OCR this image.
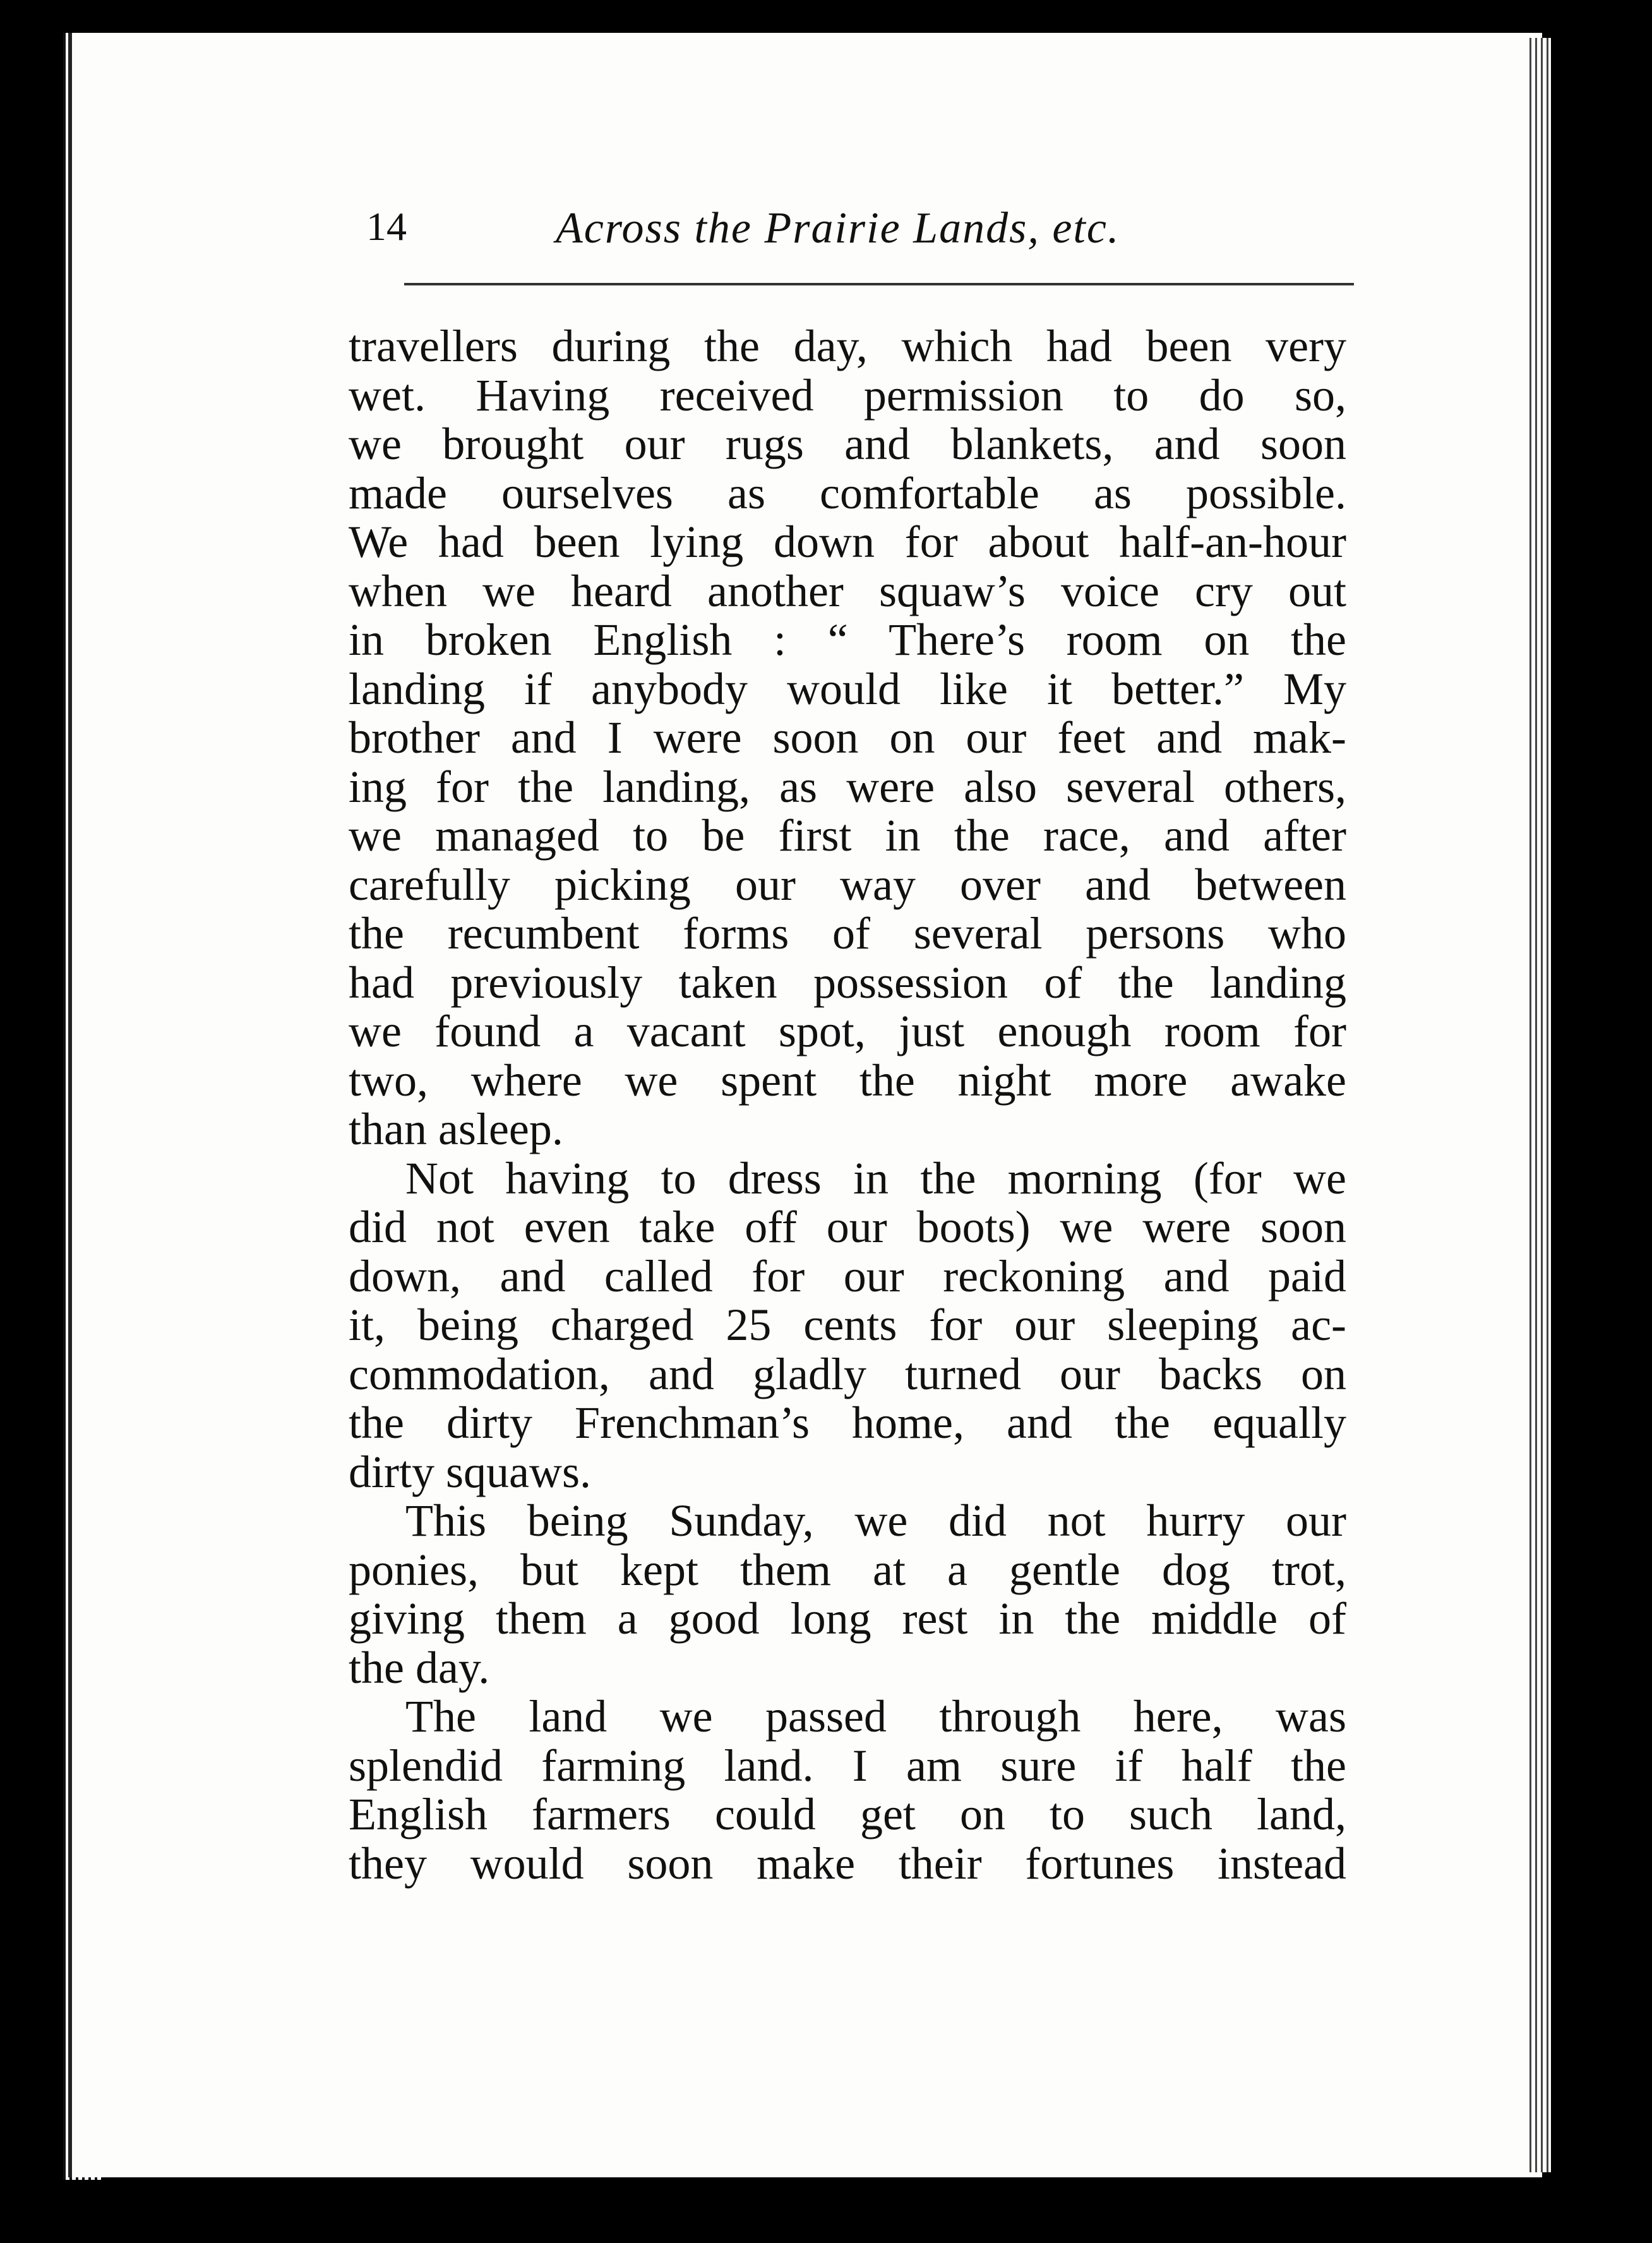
14	Across the Prairie Lands, etc.
travellers during the day, which had been very
wet. Having received permission to do so,
we brought our rugs and blankets, and soon
made ourselves as comfortable as possible.
We had been lying down for about half-an-hour
when we heard another squaw’s voice cry out
in broken English : “ There’s room on the
landing if anybody would like it better.” My
brother and I were soon on our feet and mak-
ing for the landing, as were also several others,
we managed to be first in the race, and after
carefully picking our way over and between
the recumbent forms of several persons who
had previously taken possession of the landing
we found a vacant spot, just enough room for
two, where we spent the night more awake
than asleep.
Not having to dress in the morning (for we
did not even take off our boots) we were soon
down, and called for our reckoning and paid
it, being charged 25 cents for our sleeping ac-
commodation, and gladly turned our backs on
the dirty Frenchman’s home, and the equally
dirty squaws.
This being Sunday, we did not hurry our
ponies, but kept them at a gentle dog trot,
giving them a good long rest in the middle of
the day.
The land we passed through here, was
splendid farming land. I am sure if half the
English farmers could get on to such land,
they would soon make their fortunes instead
